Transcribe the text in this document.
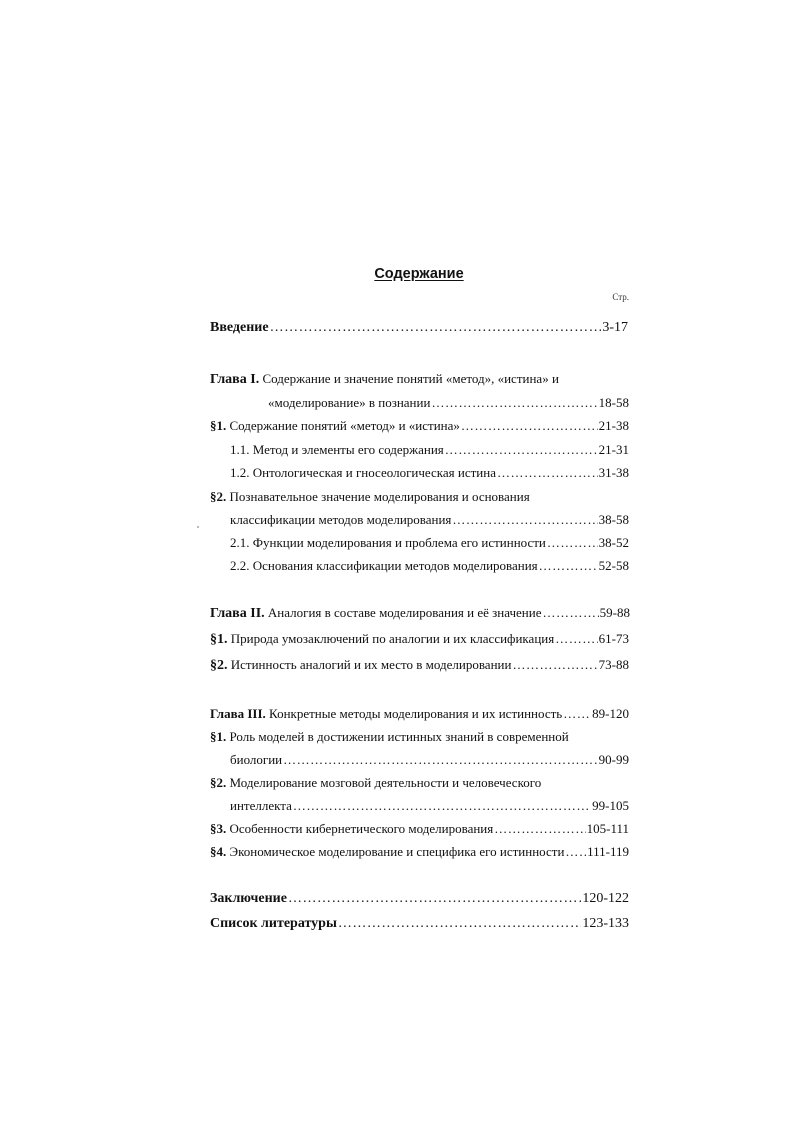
Содержание
Стр.
Введение ……………………………………………………………………………………………………………………………………………………………………………………	3-17
Глава I. Содержание и значение понятий «метод», «истина» и
«моделирование» в познании ……………………………………………………………………………………………………………………………………………………………………………………	18-58
§1. Содержание понятий «метод» и «истина» ……………………………………………………………………………………………………………………………………………………………………………………	21-38
1.1. Метод и элементы его содержания ……………………………………………………………………………………………………………………………………………………………………………………	21-31
1.2. Онтологическая и гносеологическая истина ……………………………………………………………………………………………………………………………………………………………………………………	31-38
§2. Познавательное значение моделирования и основания
классификации методов моделирования ……………………………………………………………………………………………………………………………………………………………………………………	38-58
2.1. Функции моделирования и проблема его истинности ……………………………………………………………………………………………………………………………………………………………………………………	38-52
2.2. Основания классификации методов моделирования ……………………………………………………………………………………………………………………………………………………………………………………	52-58
Глава II. Аналогия в составе моделирования и её значение ……………………………………………………………………………………………………………………………………………………………………………………	59-88
§1. Природа умозаключений по аналогии и их классификация ……………………………………………………………………………………………………………………………………………………………………………………	61-73
§2. Истинность аналогий и их место в моделировании ……………………………………………………………………………………………………………………………………………………………………………………	73-88
Глава III. Конкретные методы моделирования и их истинность …………………………………………………………………………………………………………………………………………………………………………………… 89-120
§1. Роль моделей в достижении истинных знаний в современной
биологии ……………………………………………………………………………………………………………………………………………………………………………………	90-99
§2. Моделирование мозговой деятельности и человеческого
интеллекта ……………………………………………………………………………………………………………………………………………………………………………………	99-105
§3. Особенности кибернетического моделирования ……………………………………………………………………………………………………………………………………………………………………………………	105-111
§4. Экономическое моделирование и специфика его истинности …………………………………………………………………………………………………………………………………………………………………………………… 111-119
Заключение ……………………………………………………………………………………………………………………………………………………………………………………	120-122
Список литературы ……………………………………………………………………………………………………………………………………………………………………………………	123-133
